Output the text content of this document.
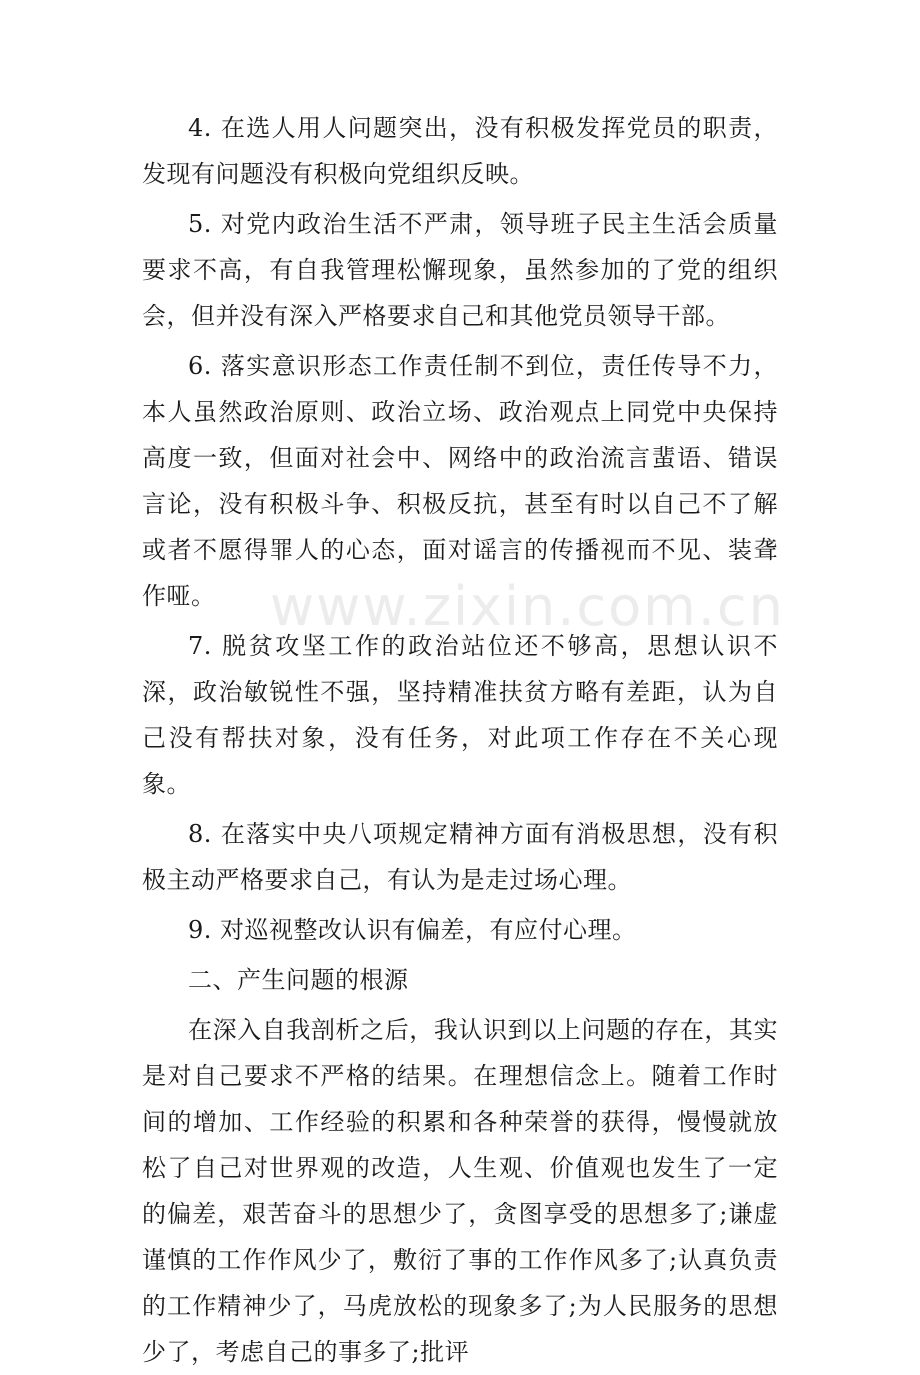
4. 在选人用人问题突出，没有积极发挥党员的职责，发现有问题没有积极向党组织反映。

5. 对党内政治生活不严肃，领导班子民主生活会质量要求不高，有自我管理松懈现象，虽然参加的了党的组织会，但并没有深入严格要求自己和其他党员领导干部。

6. 落实意识形态工作责任制不到位，责任传导不力，本人虽然政治原则、政治立场、政治观点上同党中央保持高度一致，但面对社会中、网络中的政治流言蜚语、错误言论，没有积极斗争、积极反抗，甚至有时以自己不了解或者不愿得罪人的心态，面对谣言的传播视而不见、装聋作哑。

7. 脱贫攻坚工作的政治站位还不够高，思想认识不深，政治敏锐性不强，坚持精准扶贫方略有差距，认为自己没有帮扶对象，没有任务，对此项工作存在不关心现象。

8. 在落实中央八项规定精神方面有消极思想，没有积极主动严格要求自己，有认为是走过场心理。

9. 对巡视整改认识有偏差，有应付心理。

二、产生问题的根源

在深入自我剖析之后，我认识到以上问题的存在，其实是对自己要求不严格的结果。在理想信念上。随着工作时间的增加、工作经验的积累和各种荣誉的获得，慢慢就放松了自己对世界观的改造，人生观、价值观也发生了一定的偏差，艰苦奋斗的思想少了，贪图享受的思想多了;谦虚谨慎的工作作风少了，敷衍了事的工作作风多了;认真负责的工作精神少了，马虎放松的现象多了;为人民服务的思想少了，考虑自己的事多了;批评

www.zixin.com.cn
